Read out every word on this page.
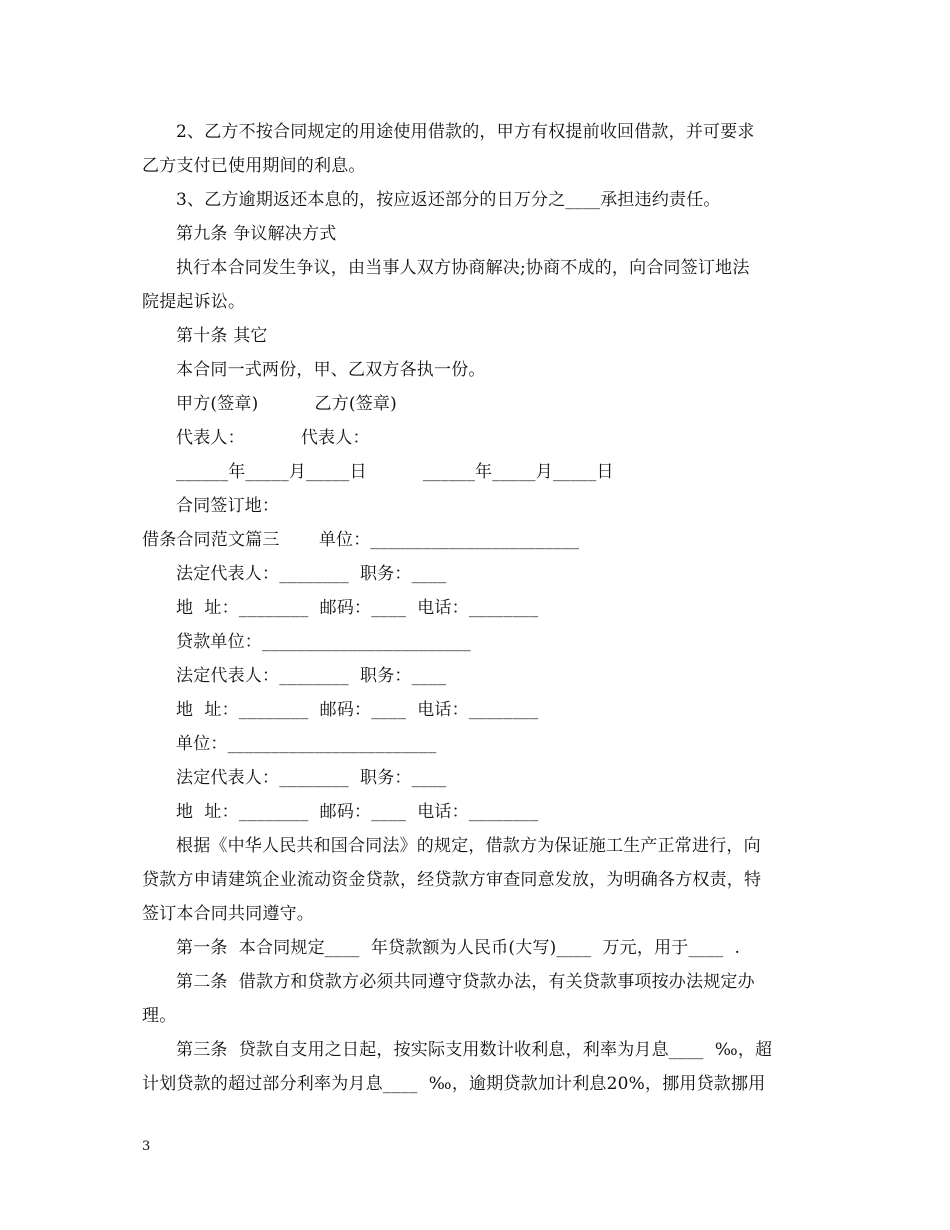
2、乙方不按合同规定的用途使用借款的，甲方有权提前收回借款，并可要求
乙方支付已使用期间的利息。
3、乙方逾期返还本息的，按应返还部分的日万分之____承担违约责任。
第九条 争议解决方式
执行本合同发生争议，由当事人双方协商解决;协商不成的，向合同签订地法
院提起诉讼。
第十条 其它
本合同一式两份，甲、乙双方各执一份。
甲方(签章)          乙方(签章)
代表人：          代表人：
______年_____月_____日          ______年_____月_____日
合同签订地：
借条合同范文篇三       单位：________________________
法定代表人：________  职务：____
地  址：________  邮码：____  电话：________
贷款单位：________________________
法定代表人：________  职务：____
地  址：________  邮码：____  电话：________
单位：________________________
法定代表人：________  职务：____
地  址：________  邮码：____  电话：________
根据《中华人民共和国合同法》的规定，借款方为保证施工生产正常进行，向
贷款方申请建筑企业流动资金贷款，经贷款方审查同意发放，为明确各方权责，特
签订本合同共同遵守。
第一条  本合同规定____  年贷款额为人民币(大写)____  万元，用于____  .
第二条  借款方和贷款方必须共同遵守贷款办法，有关贷款事项按办法规定办
理。
第三条  贷款自支用之日起，按实际支用数计收利息，利率为月息____  ‰，超
计划贷款的超过部分利率为月息____  ‰，逾期贷款加计利息20%，挪用贷款挪用
3
